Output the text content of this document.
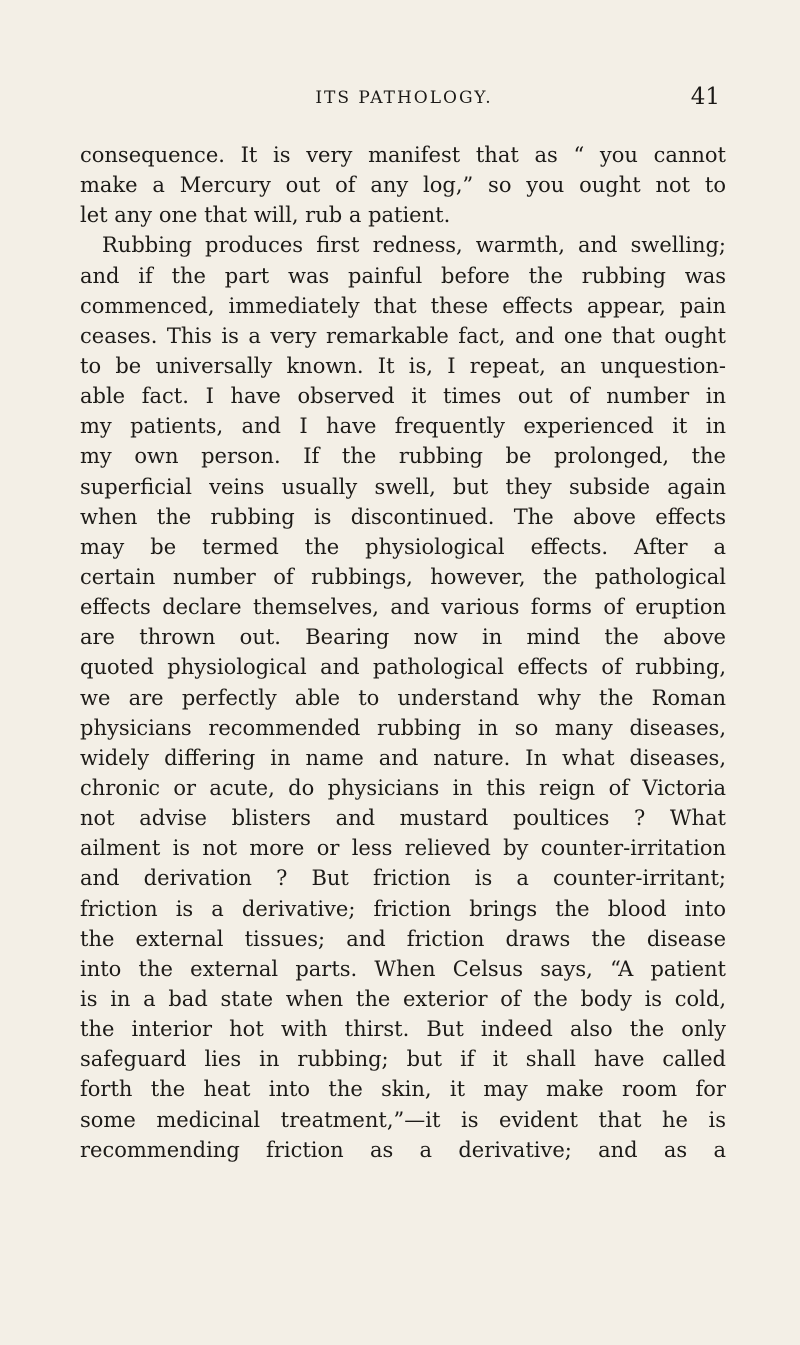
ITS PATHOLOGY.	41
consequence. It is very manifest that as “ you cannot
make a Mercury out of any log,” so you ought not to
let any one that will, rub a patient.
Rubbing produces first redness, warmth, and swelling;
and if the part was painful before the rubbing was
commenced, immediately that these effects appear, pain
ceases. This is a very remarkable fact, and one that ought
to be universally known. It is, I repeat, an unquestion-
able fact. I have observed it times out of number in
my patients, and I have frequently experienced it in
my own person. If the rubbing be prolonged, the
superficial veins usually swell, but they subside again
when the rubbing is discontinued. The above effects
may be termed the physiological effects. After a
certain number of rubbings, however, the pathological
effects declare themselves, and various forms of eruption
are thrown out. Bearing now in mind the above
quoted physiological and pathological effects of rubbing,
we are perfectly able to understand why the Roman
physicians recommended rubbing in so many diseases,
widely differing in name and nature. In what diseases,
chronic or acute, do physicians in this reign of Victoria
not advise blisters and mustard poultices ? What
ailment is not more or less relieved by counter-irritation
and derivation ? But friction is a counter-irritant;
friction is a derivative; friction brings the blood into
the external tissues; and friction draws the disease
into the external parts. When Celsus says, “A patient
is in a bad state when the exterior of the body is cold,
the interior hot with thirst. But indeed also the only
safeguard lies in rubbing; but if it shall have called
forth the heat into the skin, it may make room for
some medicinal treatment,”—it is evident that he is
recommending friction as a derivative; and as a
